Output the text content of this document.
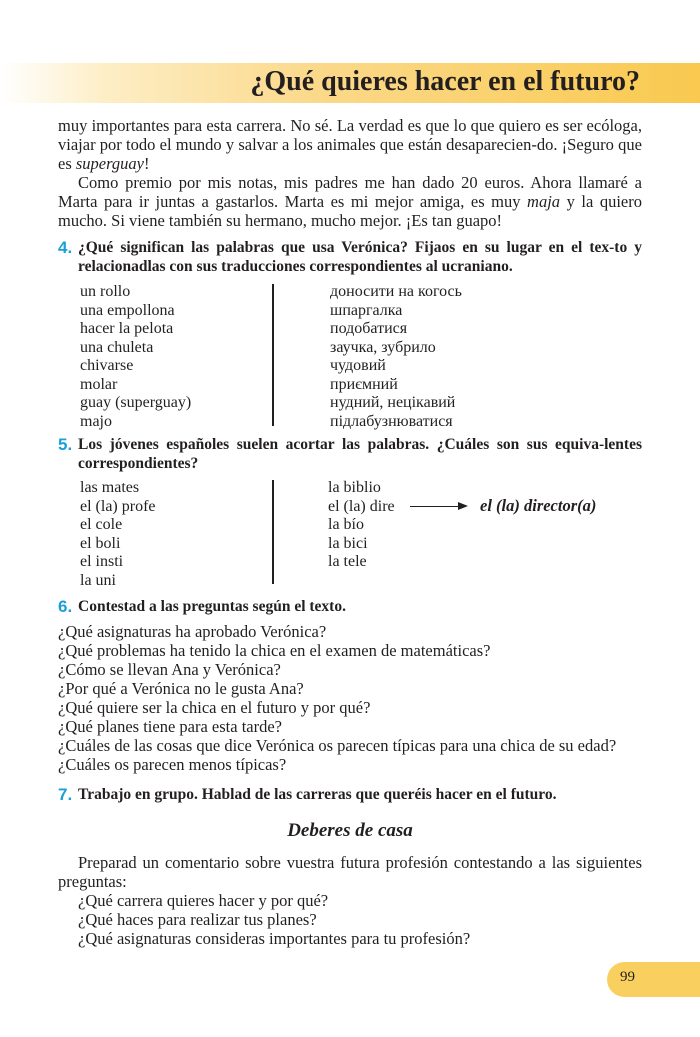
¿Qué quieres hacer en el futuro?

muy importantes para esta carrera. No sé. La verdad es que lo que quiero es ser ecóloga, viajar por todo el mundo y salvar a los animales que están desaparecien-do. ¡Seguro que es superguay!

Como premio por mis notas, mis padres me han dado 20 euros. Ahora llamaré a Marta para ir juntas a gastarlos. Marta es mi mejor amiga, es muy maja y la quiero mucho. Si viene también su hermano, mucho mejor. ¡Es tan guapo!

4. ¿Qué significan las palabras que usa Verónica? Fijaos en su lugar en el tex-to y relacionadlas con sus traducciones correspondientes al ucraniano.
un rollo
una empollona
hacer la pelota
una chuleta
chivarse
molar
guay (superguay)
majo
доносити на когось
шпаргалка
подобатися
заучка, зубрило
чудовий
приємний
нудний, нецікавий
підлабузнюватися
5. Los jóvenes españoles suelen acortar las palabras. ¿Cuáles son sus equiva-lentes correspondientes?
las mates
el (la) profe
el cole
el boli
el insti
la uni
la biblio
el (la) dire
la bío
la bici
la tele
el (la) director(a)
6. Contestad a las preguntas según el texto.
¿Qué asignaturas ha aprobado Verónica?
¿Qué problemas ha tenido la chica en el examen de matemáticas?
¿Cómo se llevan Ana y Verónica?
¿Por qué a Verónica no le gusta Ana?
¿Qué quiere ser la chica en el futuro y por qué?
¿Qué planes tiene para esta tarde?
¿Cuáles de las cosas que dice Verónica os parecen típicas para una chica de su edad?
¿Cuáles os parecen menos típicas?
7. Trabajo en grupo. Hablad de las carreras que queréis hacer en el futuro.
Deberes de casa

Preparad un comentario sobre vuestra futura profesión contestando a las siguientes preguntas:

¿Qué carrera quieres hacer y por qué?
¿Qué haces para realizar tus planes?
¿Qué asignaturas consideras importantes para tu profesión?
99
